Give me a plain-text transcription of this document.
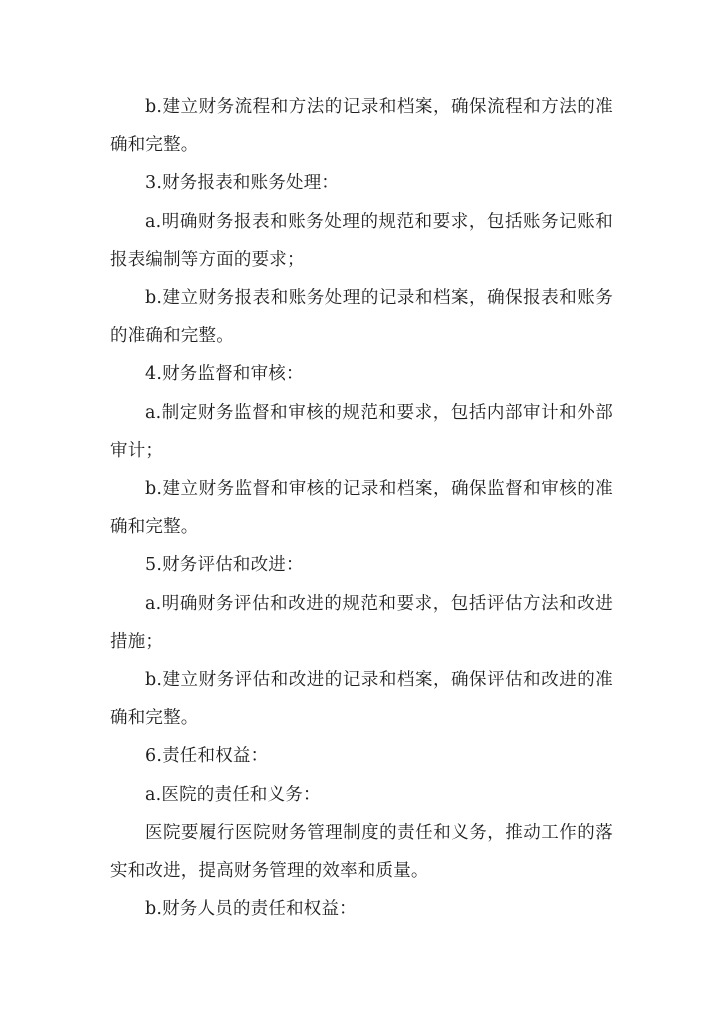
b.建立财务流程和方法的记录和档案，确保流程和方法的准确和完整。

3.财务报表和账务处理：

a.明确财务报表和账务处理的规范和要求，包括账务记账和报表编制等方面的要求；

b.建立财务报表和账务处理的记录和档案，确保报表和账务的准确和完整。

4.财务监督和审核：

a.制定财务监督和审核的规范和要求，包括内部审计和外部审计；

b.建立财务监督和审核的记录和档案，确保监督和审核的准确和完整。

5.财务评估和改进：

a.明确财务评估和改进的规范和要求，包括评估方法和改进措施；

b.建立财务评估和改进的记录和档案，确保评估和改进的准确和完整。

6.责任和权益：

a.医院的责任和义务：

医院要履行医院财务管理制度的责任和义务，推动工作的落实和改进，提高财务管理的效率和质量。

b.财务人员的责任和权益：
